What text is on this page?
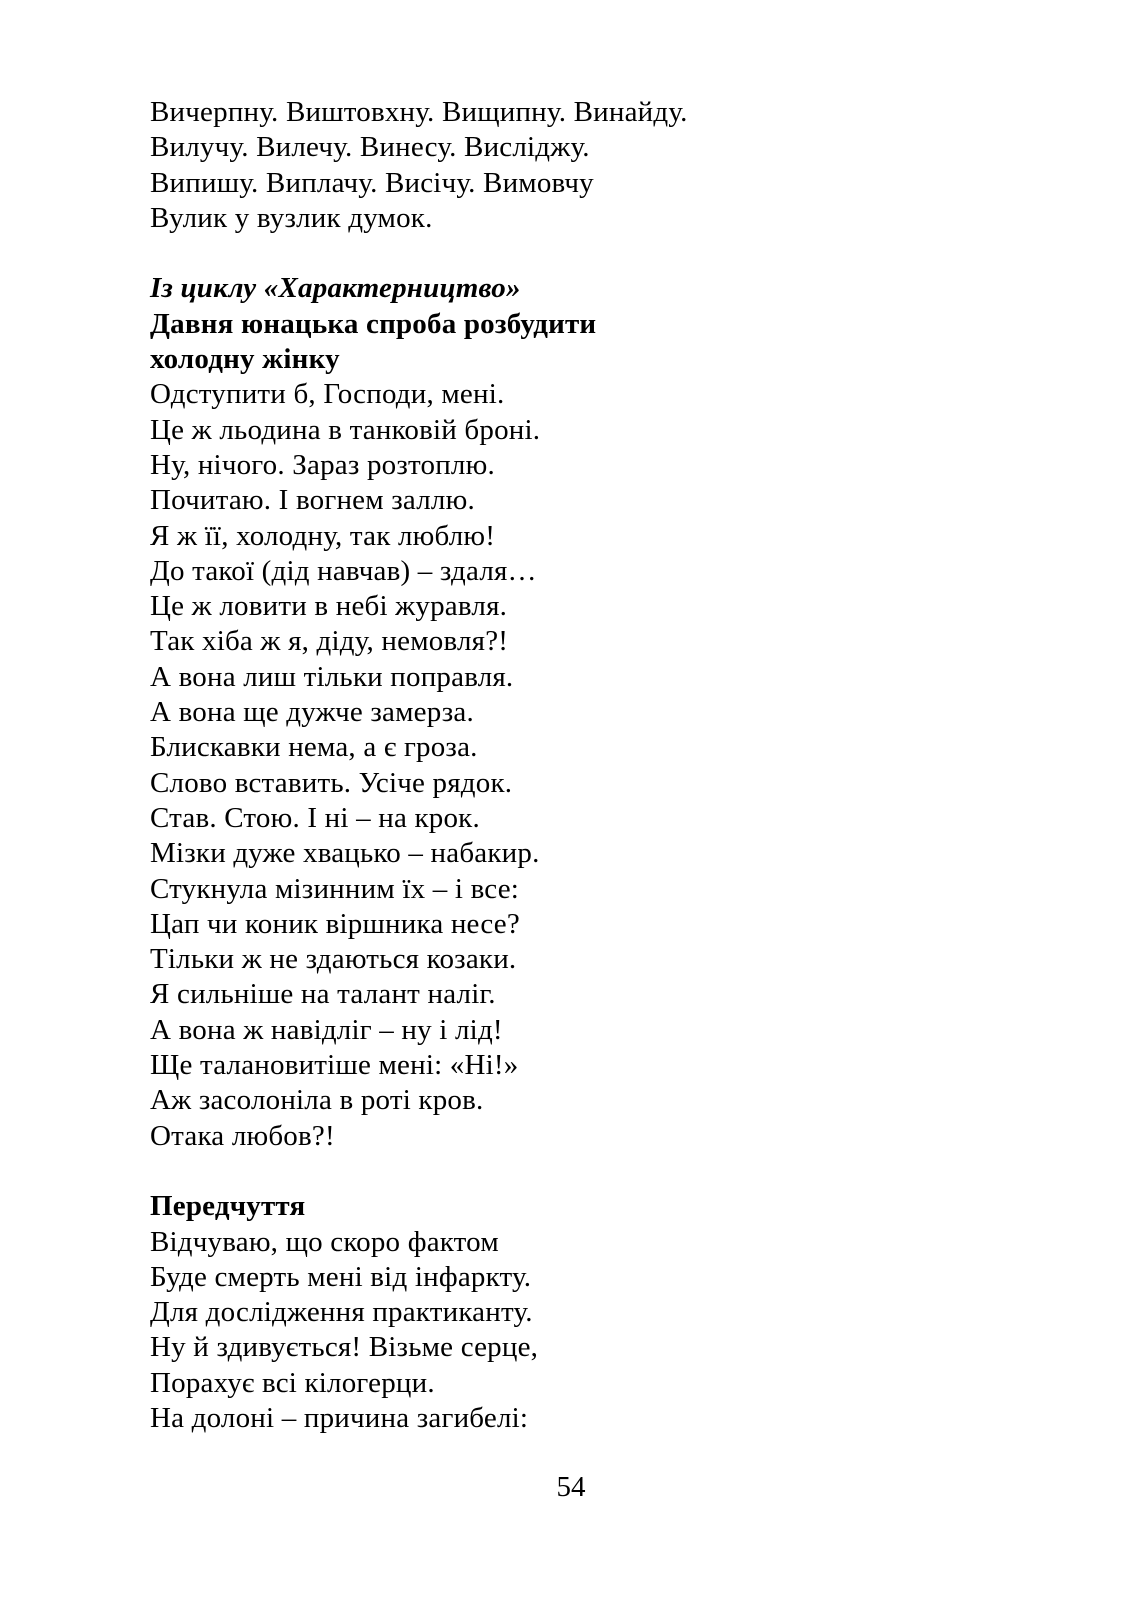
Вичерпну. Виштовхну. Вищипну. Винайду.
Вилучу. Вилечу. Винесу. Висліджу.
Випишу. Виплачу. Висічу. Вимовчу
Вулик у вузлик думок.

Із циклу «Характерництво»
Давня юнацька спроба розбудити
холодну жінку
Одступити б, Господи, мені.
Це ж льодина в танковій броні.
Ну, нічого. Зараз розтоплю.
Почитаю. І вогнем заллю.
Я ж її, холодну, так люблю!
До такої (дід навчав) – здаля…
Це ж ловити в небі журавля.
Так хіба ж я, діду, немовля?!
А вона лиш тільки поправля.
А вона ще дужче замерза.
Блискавки нема, а є гроза.
Слово вставить. Усіче рядок.
Став. Стою. І ні – на крок.
Мізки дуже хвацько – набакир.
Стукнула мізинним їх – і все:
Цап чи коник віршника несе?
Тільки ж не здаються козаки.
Я сильніше на талант наліг.
А вона ж навідліг – ну і лід!
Ще талановитіше мені: «Ні!»
Аж засолоніла в роті кров.
Отака любов?!

Передчуття
Відчуваю, що скоро фактом
Буде смерть мені від інфаркту.
Для дослідження практиканту.
Ну й здивується! Візьме серце,
Порахує всі кілогерци.
На долоні – причина загибелі:
54
